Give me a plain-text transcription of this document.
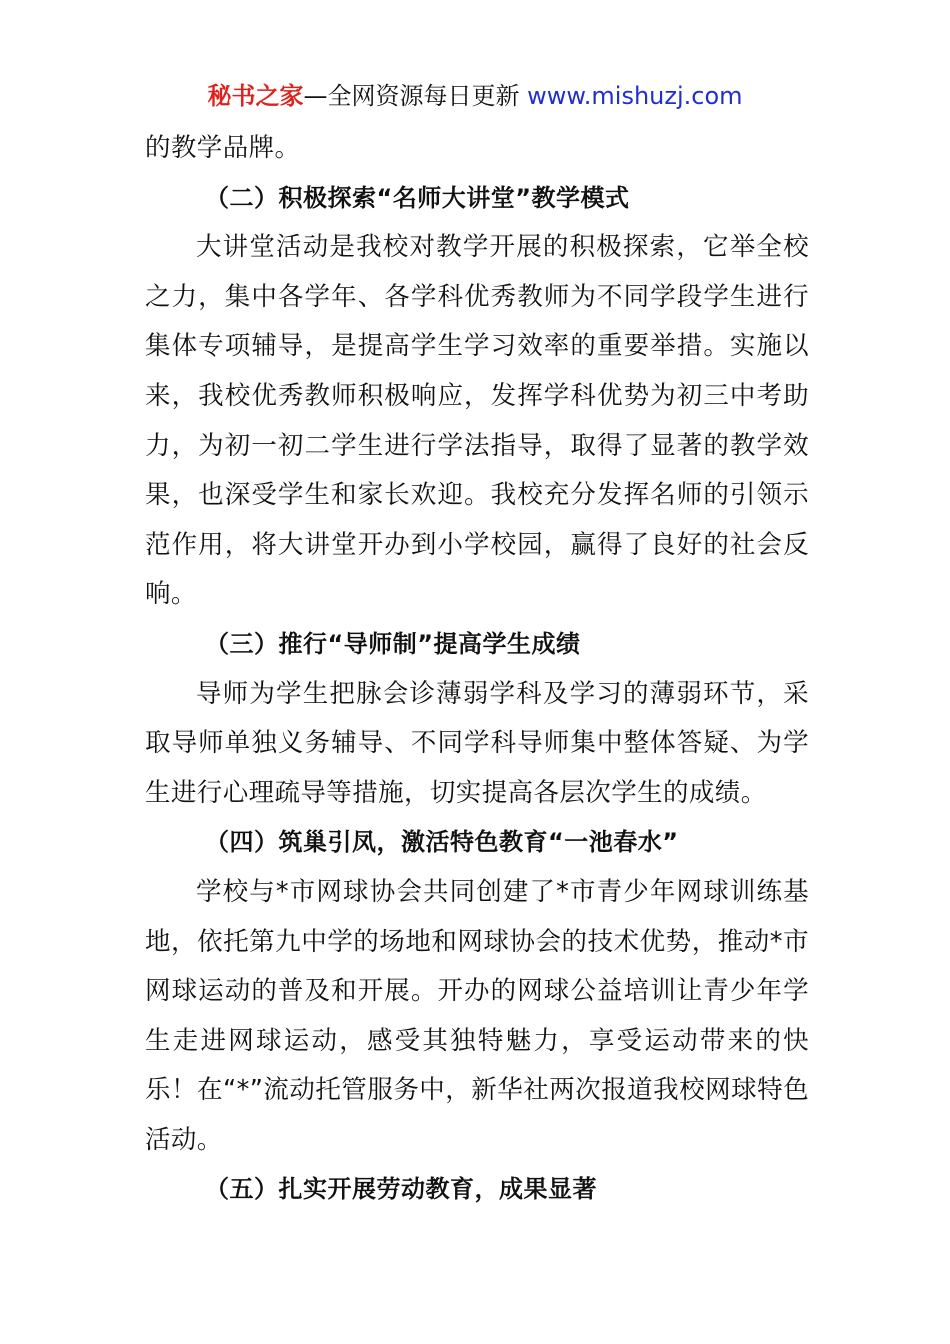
秘书之家—全网资源每日更新 www.mishuzj.com

的教学品牌。

（二）积极探索“名师大讲堂”教学模式

大讲堂活动是我校对教学开展的积极探索，它举全校之力，集中各学年、各学科优秀教师为不同学段学生进行集体专项辅导，是提高学生学习效率的重要举措。实施以来，我校优秀教师积极响应，发挥学科优势为初三中考助力，为初一初二学生进行学法指导，取得了显著的教学效果，也深受学生和家长欢迎。我校充分发挥名师的引领示范作用，将大讲堂开办到小学校园，赢得了良好的社会反响。

（三）推行“导师制”提高学生成绩

导师为学生把脉会诊薄弱学科及学习的薄弱环节，采取导师单独义务辅导、不同学科导师集中整体答疑、为学生进行心理疏导等措施，切实提高各层次学生的成绩。

（四）筑巢引凤，激活特色教育“一池春水”

学校与*市网球协会共同创建了*市青少年网球训练基地，依托第九中学的场地和网球协会的技术优势，推动*市网球运动的普及和开展。开办的网球公益培训让青少年学生走进网球运动，感受其独特魅力，享受运动带来的快乐！在“*”流动托管服务中，新华社两次报道我校网球特色活动。

（五）扎实开展劳动教育，成果显著
